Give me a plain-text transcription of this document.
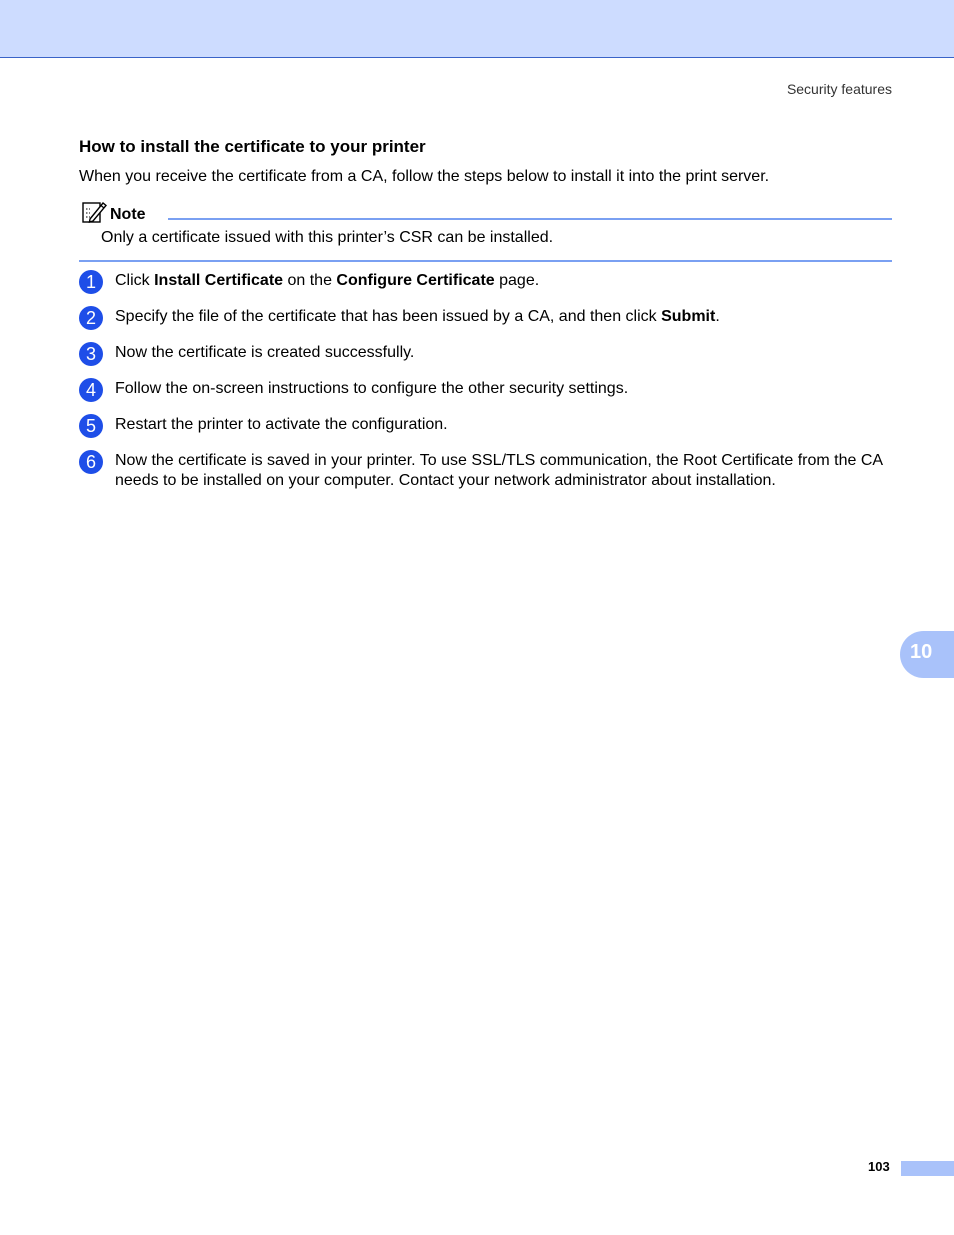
Security features
How to install the certificate to your printer
When you receive the certificate from a CA, follow the steps below to install it into the print server.
Note
Only a certificate issued with this printer’s CSR can be installed.
1	Click Install Certificate on the Configure Certificate page.
2	Specify the file of the certificate that has been issued by a CA, and then click Submit.
3	Now the certificate is created successfully.
4	Follow the on-screen instructions to configure the other security settings.
5	Restart the printer to activate the configuration.
6	Now the certificate is saved in your printer. To use SSL/TLS communication, the Root Certificate from the CA needs to be installed on your computer. Contact your network administrator about installation.
10
103
